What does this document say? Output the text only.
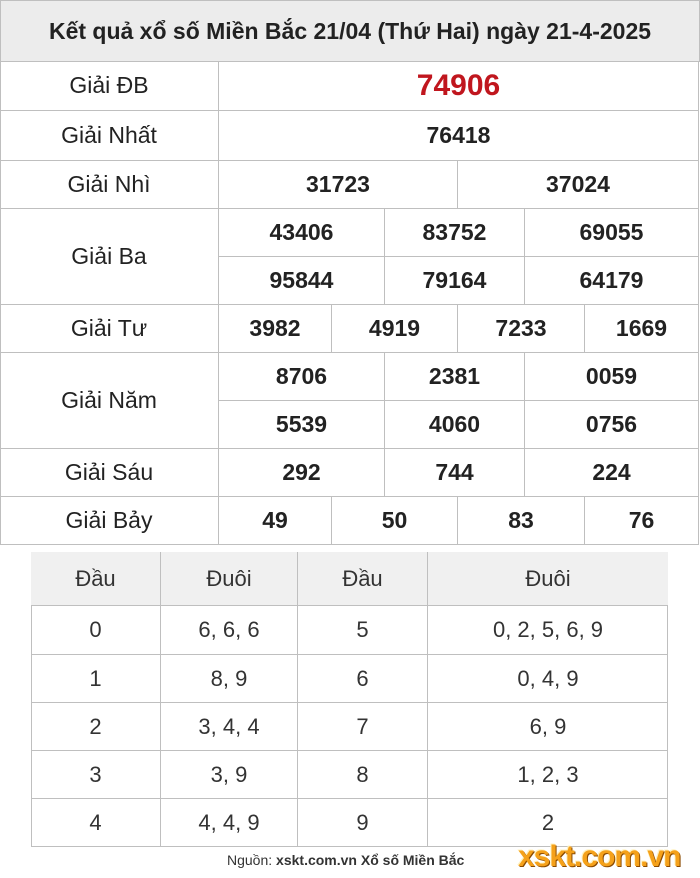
Kết quả xổ số Miền Bắc 21/04 (Thứ Hai) ngày 21-4-2025
Giải ĐB	74906
Giải Nhất	76418
Giải Nhì	31723	37024
Giải Ba
43406	83752	69055
95844	79164	64179
Giải Tư	3982	4919	7233	1669
Giải Năm
8706	2381	0059
5539	4060	0756
Giải Sáu	292	744	224
Giải Bảy	49	50	83	76
Đầu	Đuôi	Đầu	Đuôi
0	6, 6, 6	5	0, 2, 5, 6, 9
1	8, 9	6	0, 4, 9
2	3, 4, 4	7	6, 9
3	3, 9	8	1, 2, 3
4	4, 4, 9	9	2
Nguồn: xskt.com.vn Xổ số Miền Bắc xskt.com.vn
